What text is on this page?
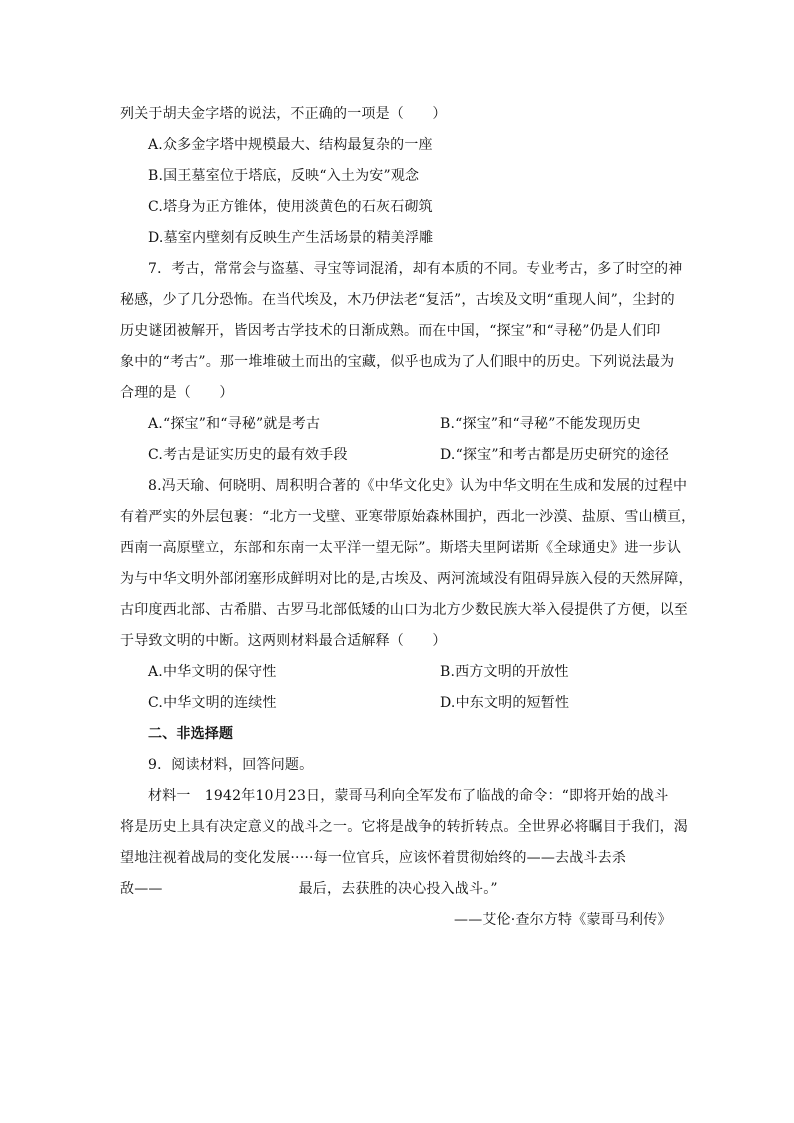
列关于胡夫金字塔的说法，不正确的一项是（　　）
A.众多金字塔中规模最大、结构最复杂的一座
B.国王墓室位于塔底，反映“入土为安”观念
C.塔身为正方锥体，使用淡黄色的石灰石砌筑
D.墓室内壁刻有反映生产生活场景的精美浮雕
7．考古，常常会与盗墓、寻宝等词混淆，却有本质的不同。专业考古，多了时空的神
秘感，少了几分恐怖。在当代埃及，木乃伊法老“复活”，古埃及文明“重现人间”，尘封的
历史谜团被解开，皆因考古学技术的日渐成熟。而在中国，“探宝”和“寻秘”仍是人们印
象中的“考古”。那一堆堆破土而出的宝藏，似乎也成为了人们眼中的历史。下列说法最为
合理的是（　　）
A.“探宝”和“寻秘”就是考古	B.“探宝”和“寻秘”不能发现历史
C.考古是证实历史的最有效手段	D.“探宝”和考古都是历史研究的途径
8.冯天瑜、何晓明、周积明合著的《中华文化史》认为中华文明在生成和发展的过程中
有着严实的外层包裹：“北方一戈壁、亚寒带原始森林围护，西北一沙漠、盐原、雪山横亘，
西南一高原壁立，东部和东南一太平洋一望无际”。斯塔夫里阿诺斯《全球通史》进一步认
为与中华文明外部闭塞形成鲜明对比的是,古埃及、两河流域没有阻碍异族入侵的天然屏障，
古印度西北部、古希腊、古罗马北部低矮的山口为北方少数民族大举入侵提供了方便，以至
于导致文明的中断。这两则材料最合适解释（　　）
A.中华文明的保守性	B.西方文明的开放性
C.中华文明的连续性	D.中东文明的短暂性
二、非选择题
9．阅读材料，回答问题。
材料一　1942年10月23日，蒙哥马利向全军发布了临战的命令：“即将开始的战斗
将是历史上具有决定意义的战斗之一。它将是战争的转折转点。全世界必将瞩目于我们，渴
望地注视着战局的变化发展·····每一位官兵，应该怀着贯彻始终的——去战斗去杀
敌——	最后，去获胜的决心投入战斗。”
——艾伦·查尔方特《蒙哥马利传》
